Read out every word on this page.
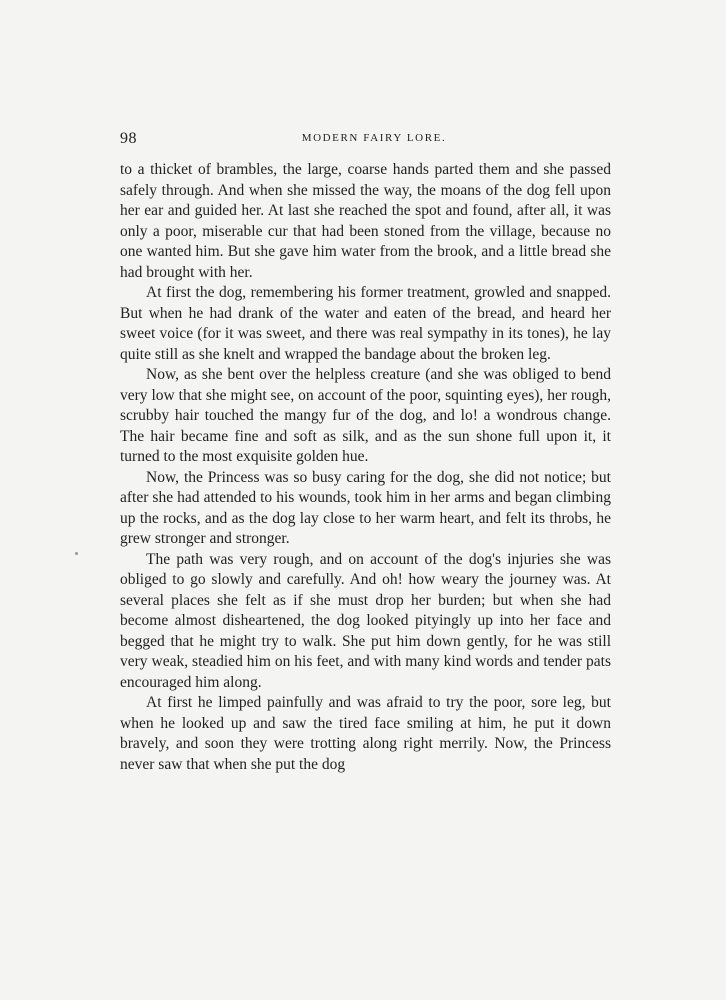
98	MODERN FAIRY LORE.

to a thicket of brambles, the large, coarse hands parted them and she passed safely through. And when she missed the way, the moans of the dog fell upon her ear and guided her. At last she reached the spot and found, after all, it was only a poor, miserable cur that had been stoned from the village, because no one wanted him. But she gave him water from the brook, and a little bread she had brought with her.

At first the dog, remembering his former treatment, growled and snapped. But when he had drank of the water and eaten of the bread, and heard her sweet voice (for it was sweet, and there was real sympathy in its tones), he lay quite still as she knelt and wrapped the bandage about the broken leg.

Now, as she bent over the helpless creature (and she was obliged to bend very low that she might see, on account of the poor, squinting eyes), her rough, scrubby hair touched the mangy fur of the dog, and lo! a wondrous change. The hair became fine and soft as silk, and as the sun shone full upon it, it turned to the most exquisite golden hue.

Now, the Princess was so busy caring for the dog, she did not notice; but after she had attended to his wounds, took him in her arms and began climbing up the rocks, and as the dog lay close to her warm heart, and felt its throbs, he grew stronger and stronger.

The path was very rough, and on account of the dog's injuries she was obliged to go slowly and carefully. And oh! how weary the journey was. At several places she felt as if she must drop her burden; but when she had become almost disheartened, the dog looked pityingly up into her face and begged that he might try to walk. She put him down gently, for he was still very weak, steadied him on his feet, and with many kind words and tender pats encouraged him along.

At first he limped painfully and was afraid to try the poor, sore leg, but when he looked up and saw the tired face smiling at him, he put it down bravely, and soon they were trotting along right merrily. Now, the Princess never saw that when she put the dog
